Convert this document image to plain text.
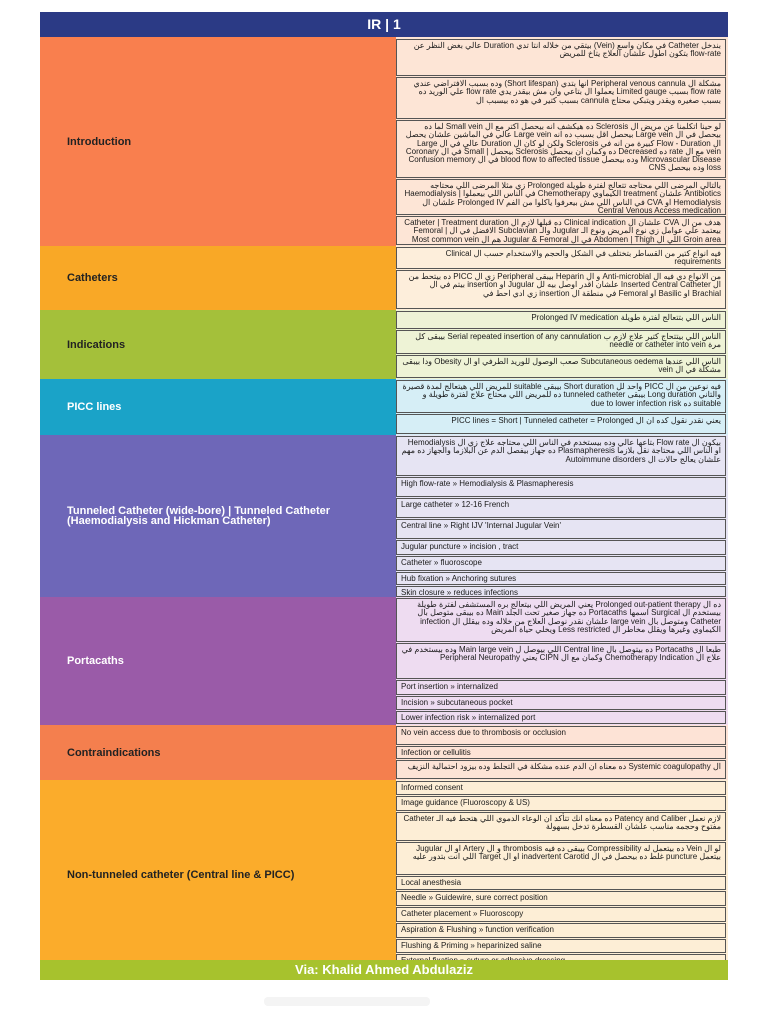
IR | 1
Introduction
بندخل Catheter في مكان واسع (Vein) بيتقي من خلاله انتا تدي Duration عالي بغض النظر عن flow-rate بتكون اطول علشان العلاج يتاخ للمريض
مشكلة ال Peripheral venous cannula انها بتدي (Short lifespan) وده بسبب الافتراضي عندي flow rate بسبب Limited gauge يعملوا ال بتاعي وان مش بيقدر يدي flow rate علي الوريد ده بسبب صغيره ويقدر ويتبكي محتاج cannula بسبب كتير في هو ده بيسبب ال
لو حينا اتكلمنا عن مريض ال Sclerosis ده هيكشف انه بيحصل اكتر مع ال Small vein لما ده بيحصل في ال Large vein بيحصل اقل بسبب ده انه Large vein عالي في الماشين علشان يحصل ال Flow - Duration كبيرة من انه في Sclerosis ولكن لو كان ال Duration عالي في ال Large vein مع ال rate ده Decreased ده وكمان ان بيحصل Sclerosis بيحصل | Small في ال Coronary Microvascular Disease وده بيحصل blood flow to affected tissue في ال Confusion memory loss وده بيحصل CNS
بالتالي المرضى اللي محتاجه تتعالج لفترة طويلة Prolonged زي مثلا المرضى اللي محتاجه Antibiotics علشان treatment الكيماوي Chemotherapy في الناس اللي بيعملوا Haemodialysis | Hemodialysis او CVA في الناس اللي مش بيعرفوا ياكلوا من الفم Prolonged IV علشان ال Central Venous Access medication
هدف من ال CVA علشان ال Clinical indication ده قبلها لازم ال Catheter | Treatment duration بيعتمد علي عوامل زي نوع المريض ونوع الـ Jugular والـ Subclavian الافضل في ال Femoral | Groin area اللي ال Abdomen | Thigh في ال Jugular & Femoral هم ال Most common vein
Catheters
فيه انواع كتير من القساطر بتختلف في الشكل والحجم والاستخدام حسب ال Clinical requirements
من الانواع دي فيه ال Anti-microbial و ال Heparin بيبقى Peripheral زي ال PICC ده بيتحط من ال Inserted Central Catheter علشان اقدر اوصل بيه لل Jugular او insertion بيتم في ال Brachial او Basilic او Femoral في منطقة ال insertion زي ادي احط في
Indications
الناس اللي بتتعالج لفترة طويلة Prolonged IV medication
الناس اللي بيتتحاج كتير علاج لازم ب Serial repeated insertion of any cannulation بيبقى كل مرة needle or catheter into vein
الناس اللي عندها Subcutaneous oedema صعب الوصول للوريد الطرفي او ال Obesity ودا بيبقى مشكلة في ال vein
PICC lines
فيه نوعين من ال PICC واحد لل Short duration بيبقى suitable للمريض اللي هيتعالج لمدة قصيرة والتاني Long duration بيبقى tunneled catheter ده للمريض اللي محتاج علاج لفترة طويلة و suitable ده due to lower infection risk
يعني نقدر نقول كده ان ال PICC lines = Short | Tunneled catheter = Prolonged
Tunneled Catheter (wide-bore) | Tunneled Catheter (Haemodialysis and Hickman Catheter)
بيكون ال Flow rate بتاعها عالي وده بيستخدم في الناس اللي محتاجه علاج زي ال Hemodialysis او الناس اللي محتاجة نقل بلازما Plasmapheresis ده جهاز بيفصل الدم عن البلازما والجهاز ده مهم علشان يعالج حالات ال Autoimmune disorders
High flow-rate » Hemodialysis & Plasmapheresis
Large catheter » 12-16 French
Central line » Right IJV 'Internal Jugular Vein'
Jugular puncture » incision , tract
Catheter » fluoroscope
Hub fixation » Anchoring sutures
Skin closure » reduces infections
Portacaths
ده ال Prolonged out-patient therapy يعني المريض اللي بيتعالج بره المستشفى لفترة طويلة بيستخدم ال Surgical اسمها Portacaths ده جهاز صغير تحت الجلد Main ده بيبقى متوصل بال Catheter ومتوصل بال large vein علشان نقدر نوصل العلاج من خلاله وده بيقلل ال infection الكيماوي وغيرها ويقلل مخاطر ال Less restricted ويخلي حياة المريض
طبعا ال Portacaths ده بيتوصل بال Central line اللي بيوصل ل Main large vein وده بيستخدم في علاج ال Chemotherapy Indication وكمان مع ال CIPN يعني Peripheral Neuropathy
Port insertion » internalized
Incision » subcutaneous pocket
Lower infection risk » internalized port
Contraindications
No vein access due to thrombosis or occlusion
Infection or cellulitis
ال Systemic coagulopathy ده معناه ان الدم عنده مشكلة في التجلط وده بيزود احتمالية النزيف
Non-tunneled catheter (Central line & PICC)
Informed consent
Image guidance (Fluoroscopy & US)
لازم نعمل Patency and Caliber ده معناه انك تتأكد ان الوعاء الدموي اللي هتحط فيه الـ Catheter مفتوح وحجمه مناسب علشان القسطرة تدخل بسهولة
لو ال Vein ده بيتعمل له Compressibility بيبقى ده فيه thrombosis و ال Artery او ال Jugular بيتعمل puncture غلط ده بيحصل في ال inadvertent Carotid او ال Target اللي انت بتدور عليه
Local anesthesia
Needle » Guidewire, sure correct position
Catheter placement » Fluoroscopy
Aspiration & Flushing » function verification
Flushing & Priming » heparinized saline
Via: Khalid Ahmed Abdulaziz
